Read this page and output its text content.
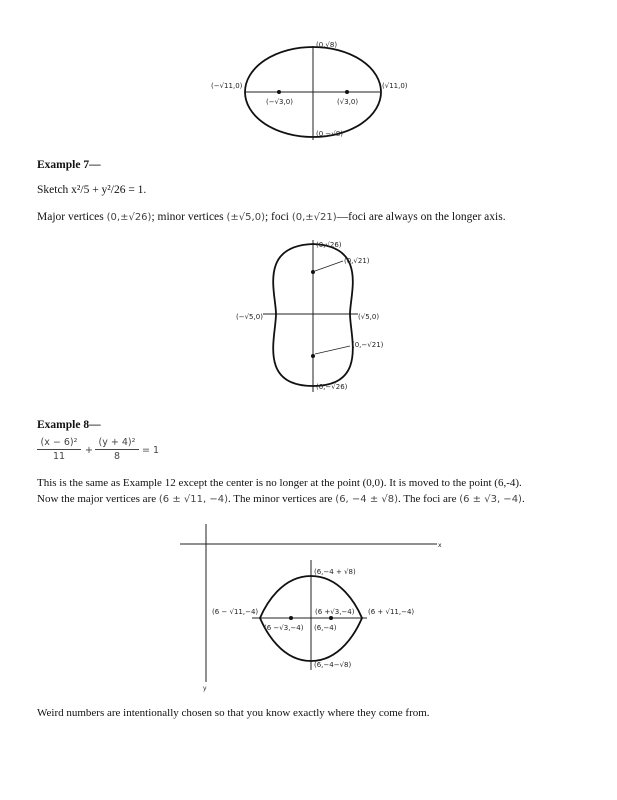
(0,√8)
(0,−√8)
(−√11,0)	(√11,0)
(−√3,0)	(√3,0)
Example 7—
Sketch x²/5 + y²/26 = 1.
Major vertices (0,±√26); minor vertices (±√5,0); foci (0,±√21)—foci are always on the longer axis.
(0,√26)
(0,√21)
(−√5,0)	(√5,0)
(0,−√21)
(0,−√26)
Example 8—
(x − 6)²
11
+
(y + 4)²
8
= 1
This is the same as Example 12 except the center is no longer at the point (0,0). It is moved to the point (6,-4).
Now the major vertices are (6 ± √11, −4). The minor vertices are (6, −4 ± √8). The foci are (6 ± √3, −4).
x
y
(6,−4 + √8)
(6 − √11,−4)	(6 +√3,−4) (6 + √11,−4)
(6 −√3,−4) (6,−4)
(6,−4−√8)
Weird numbers are intentionally chosen so that you know exactly where they come from.
